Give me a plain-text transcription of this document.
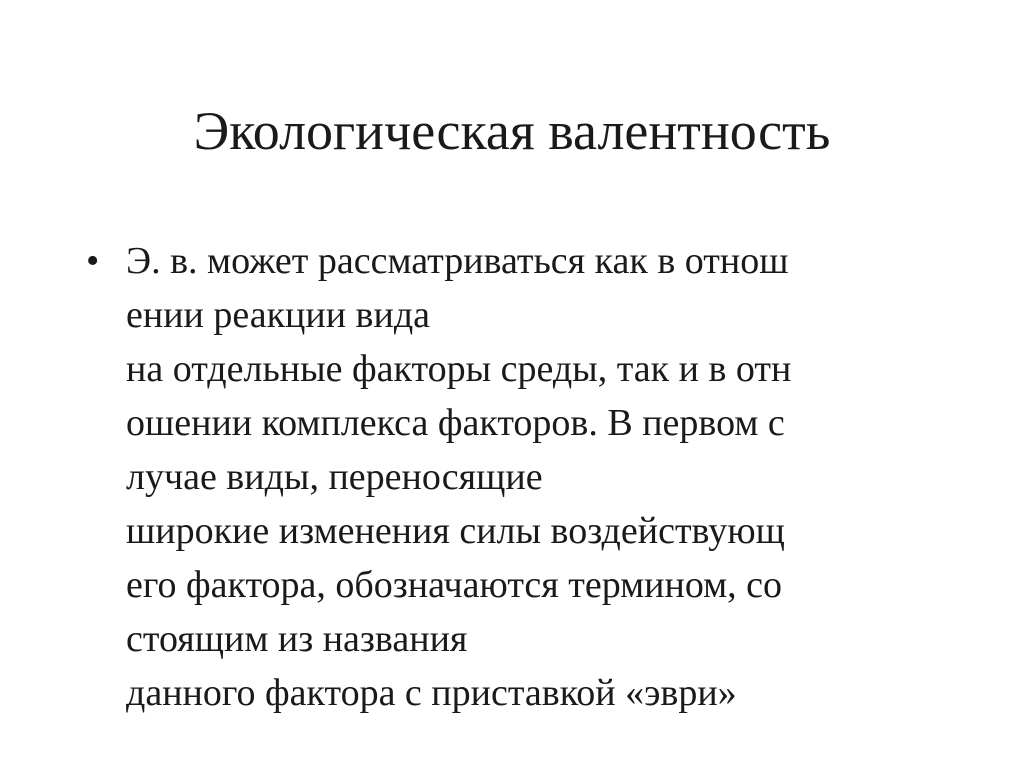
Экологическая валентность
• Э. в. может рассматриваться как в отнош
ении реакции вида
на отдельные факторы среды, так и в отн
ошении комплекса факторов. В первом с
лучае виды, переносящие
широкие изменения силы воздействующ
его фактора, обозначаются термином, со
стоящим из названия
данного фактора с приставкой «эври»
